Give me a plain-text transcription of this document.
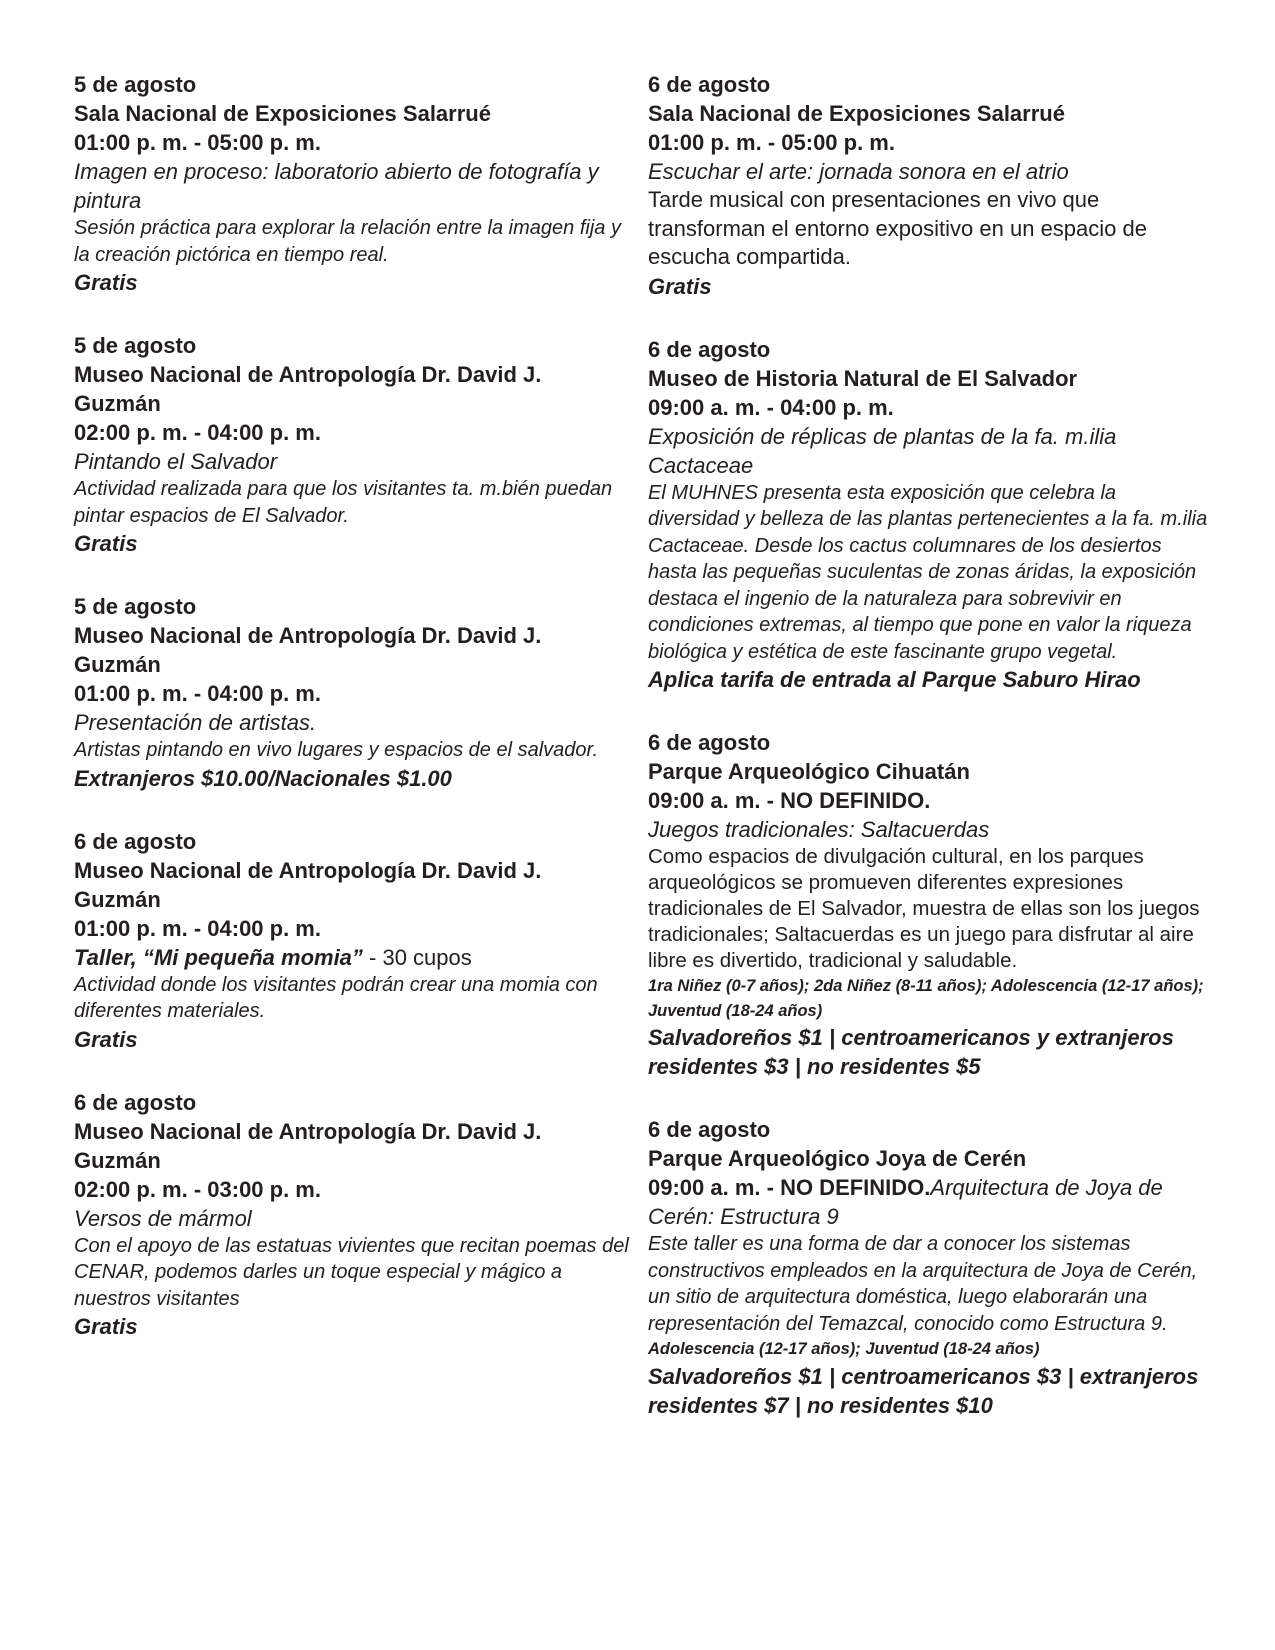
5 de agosto
Sala Nacional de Exposiciones Salarrué
01:00 p. m. - 05:00 p. m.
Imagen en proceso: laboratorio abierto de fotografía y pintura
Sesión práctica para explorar la relación entre la imagen fija y la creación pictórica en tiempo real.
Gratis
5 de agosto
Museo Nacional de Antropología Dr. David J. Guzmán
02:00 p. m. - 04:00 p. m.
Pintando el Salvador
Actividad realizada para que los visitantes ta. m.bién puedan pintar espacios de El Salvador.
Gratis
5 de agosto
Museo Nacional de Antropología Dr. David J. Guzmán
01:00 p. m. - 04:00 p. m.
Presentación de artistas.
Artistas pintando en vivo lugares y espacios de el salvador.
Extranjeros $10.00/Nacionales $1.00
6 de agosto
Museo Nacional de Antropología Dr. David J. Guzmán
01:00 p. m. - 04:00 p. m.
Taller, “Mi pequeña momia” - 30 cupos
Actividad donde los visitantes podrán crear una momia con diferentes materiales.
Gratis
6 de agosto
Museo Nacional de Antropología Dr. David J. Guzmán
02:00 p. m. - 03:00 p. m.
Versos de mármol
Con el apoyo de las estatuas vivientes que recitan poemas del CENAR, podemos darles un toque especial y mágico a nuestros visitantes
Gratis
6 de agosto
Sala Nacional de Exposiciones Salarrué
01:00 p. m. - 05:00 p. m.
Escuchar el arte: jornada sonora en el atrio
Tarde musical con presentaciones en vivo que transforman el entorno expositivo en un espacio de escucha compartida.
Gratis
6 de agosto
Museo de Historia Natural de El Salvador
09:00 a. m. - 04:00 p. m.
Exposición de réplicas de plantas de la fa. m.ilia Cactaceae
El MUHNES presenta esta exposición que celebra la diversidad y belleza de las plantas pertenecientes a la fa. m.ilia Cactaceae. Desde los cactus columnares de los desiertos hasta las pequeñas suculentas de zonas áridas, la exposición destaca el ingenio de la naturaleza para sobrevivir en condiciones extremas, al tiempo que pone en valor la riqueza biológica y estética de este fascinante grupo vegetal.
Aplica tarifa de entrada al Parque Saburo Hirao
6 de agosto
Parque Arqueológico Cihuatán
09:00 a. m. - NO DEFINIDO.
Juegos tradicionales: Saltacuerdas
Como espacios de divulgación cultural, en los parques arqueológicos se promueven diferentes expresiones tradicionales de El Salvador, muestra de ellas son los juegos tradicionales; Saltacuerdas es un juego para disfrutar al aire libre es divertido, tradicional y saludable.
1ra Niñez (0-7 años); 2da Niñez (8-11 años); Adolescencia (12-17 años); Juventud (18-24 años)
Salvadoreños $1 | centroamericanos y extranjeros residentes $3 | no residentes $5
6 de agosto
Parque Arqueológico Joya de Cerén
09:00 a. m. - NO DEFINIDO.Arquitectura de Joya de Cerén: Estructura 9
Este taller es una forma de dar a conocer los sistemas constructivos empleados en la arquitectura de Joya de Cerén, un sitio de arquitectura doméstica, luego elaborarán una representación del Temazcal, conocido como Estructura 9.
Adolescencia (12-17 años); Juventud (18-24 años)
Salvadoreños $1 | centroamericanos $3 | extranjeros residentes $7 | no residentes $10
